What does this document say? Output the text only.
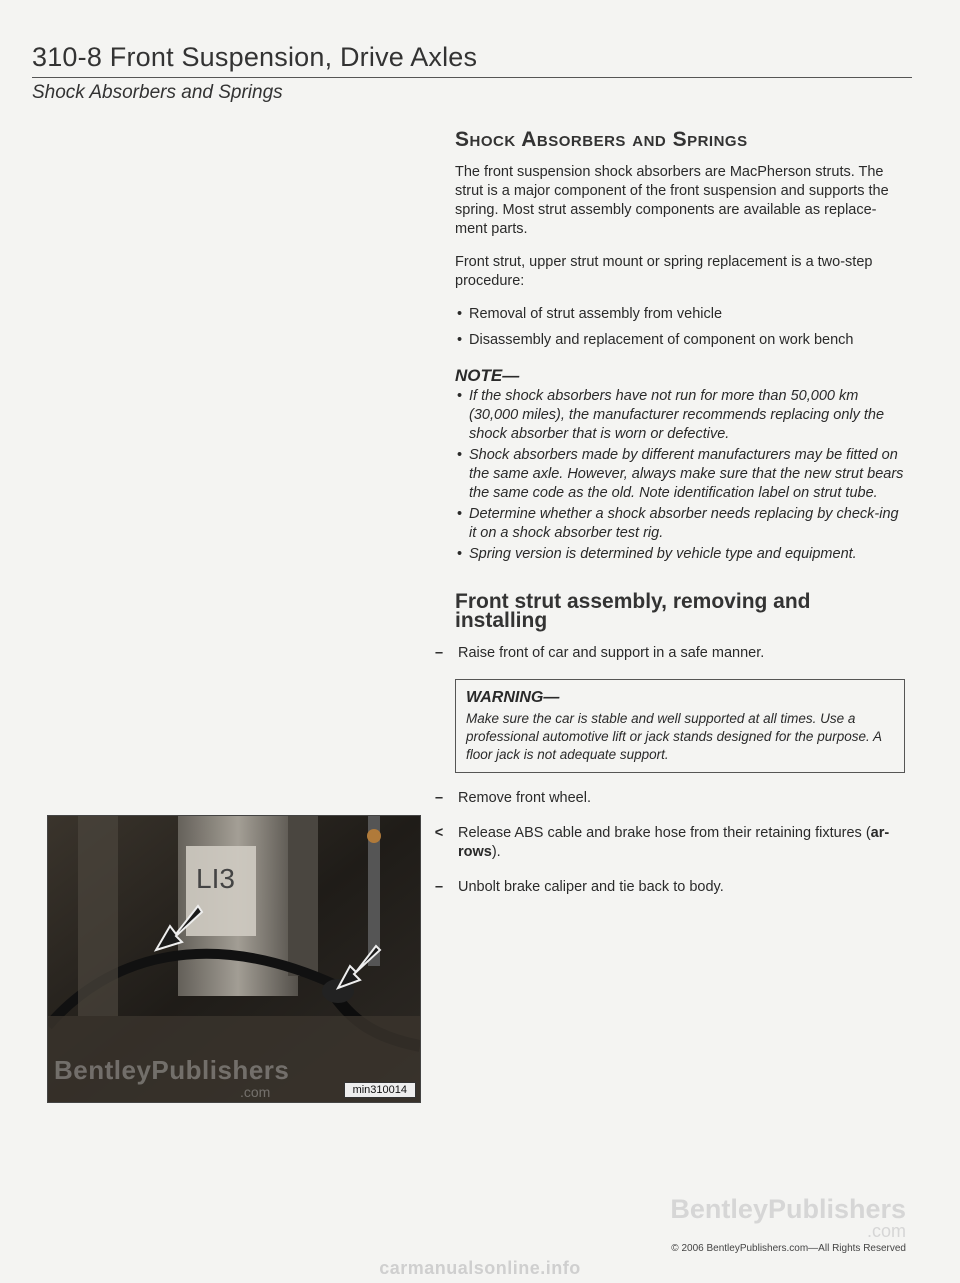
310-8 Front Suspension, Drive Axles
Shock Absorbers and Springs
Shock Absorbers and Springs

The front suspension shock absorbers are MacPherson struts. The strut is a major component of the front suspension and supports the spring. Most strut assembly components are available as replace-ment parts.

Front strut, upper strut mount or spring replacement is a two-step procedure:

• Removal of strut assembly from vehicle
• Disassembly and replacement of component on work bench
NOTE—
• If the shock absorbers have not run for more than 50,000 km (30,000 miles), the manufacturer recommends replacing only the shock absorber that is worn or defective.
• Shock absorbers made by different manufacturers may be fitted on the same axle. However, always make sure that the new strut bears the same code as the old. Note identification label on strut tube.
• Determine whether a shock absorber needs replacing by check-ing it on a shock absorber test rig.
• Spring version is determined by vehicle type and equipment.
Front strut assembly, removing and installing
–	Raise front of car and support in a safe manner.
WARNING—
Make sure the car is stable and well supported at all times. Use a professional automotive lift or jack stands designed for the purpose. A floor jack is not adequate support.
–	Remove front wheel.
<	Release ABS cable and brake hose from their retaining fixtures (ar-rows).
–	Unbolt brake caliper and tie back to body.
LI3
BentleyPublishers
.com	min310014
BentleyPublishers
.com
© 2006 BentleyPublishers.com—All Rights Reserved
carmanualsonline.info
